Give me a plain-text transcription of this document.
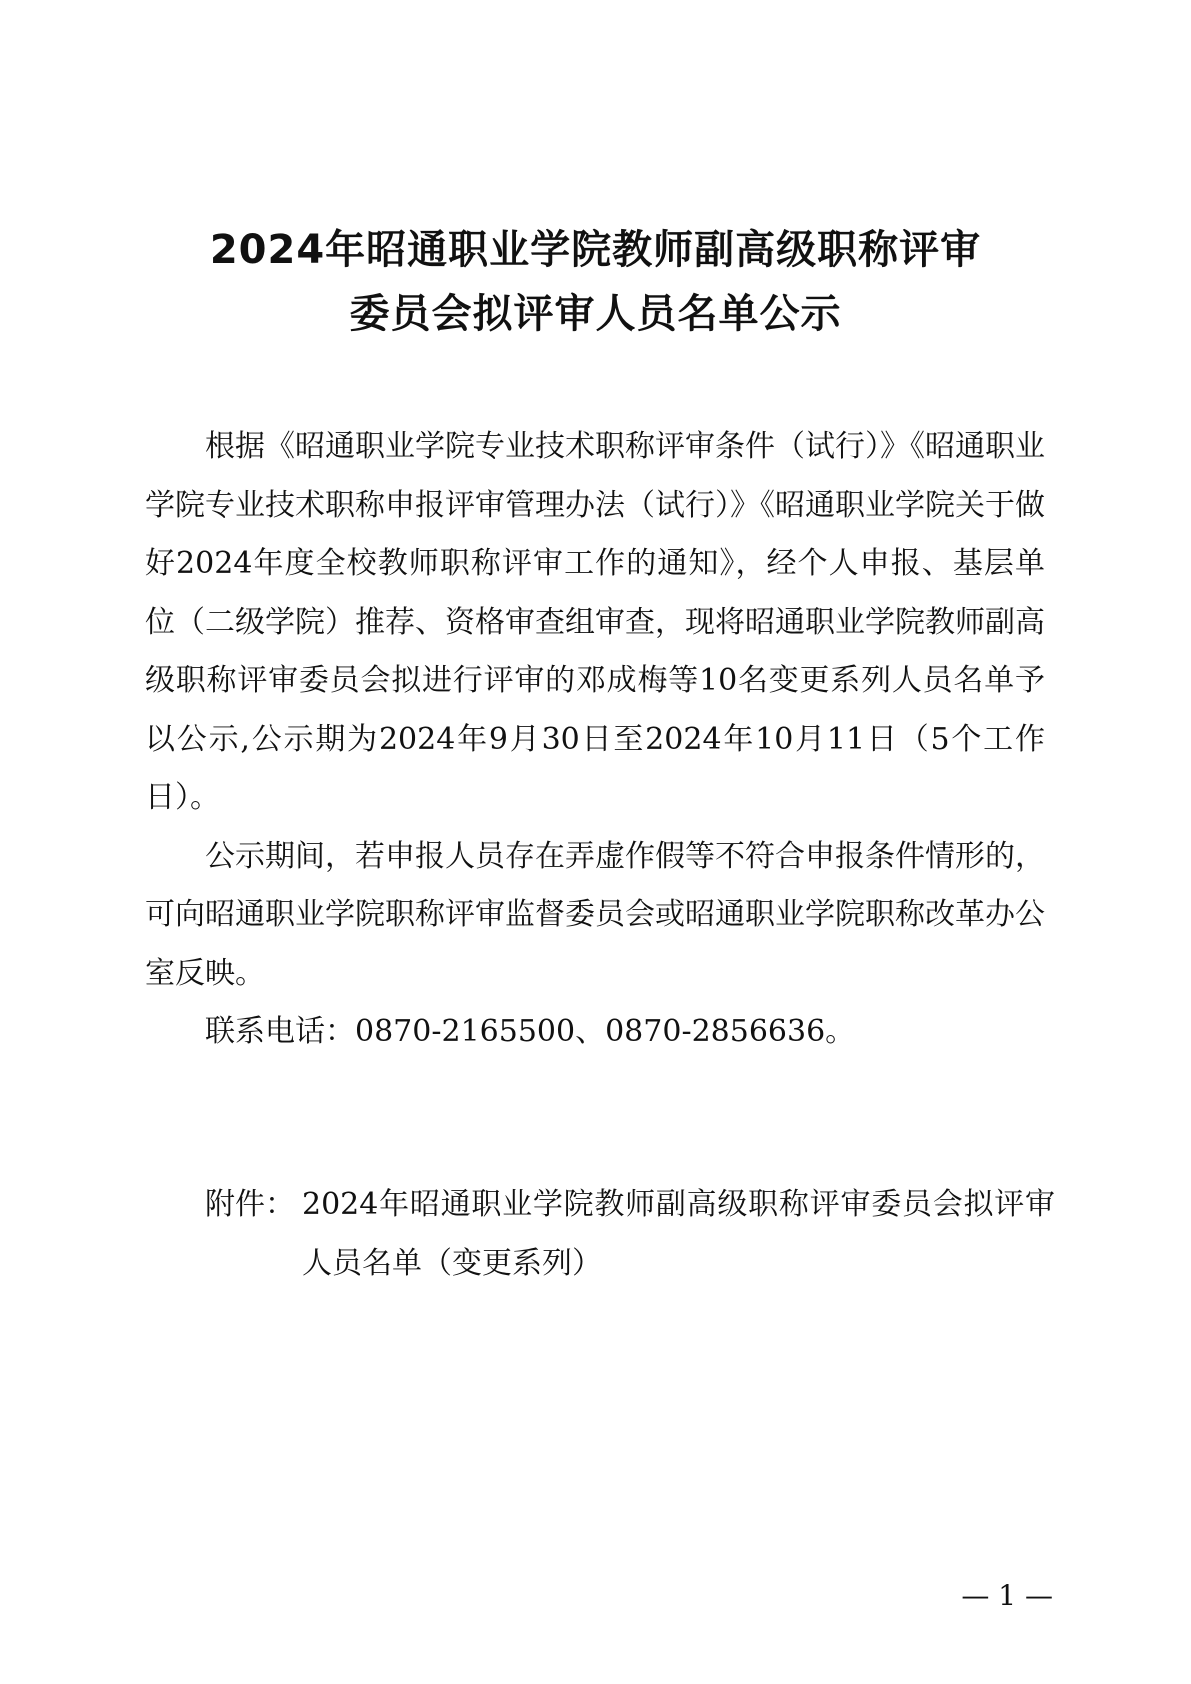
2024年昭通职业学院教师副高级职称评审
委员会拟评审人员名单公示

根据《昭通职业学院专业技术职称评审条件（试行）》《昭通职业学院专业技术职称申报评审管理办法（试行）》《昭通职业学院关于做好2024年度全校教师职称评审工作的通知》，经个人申报、基层单位（二级学院）推荐、资格审查组审查，现将昭通职业学院教师副高级职称评审委员会拟进行评审的邓成梅等10名变更系列人员名单予以公示,公示期为2024年9月30日至2024年10月11日（5个工作日）。

公示期间，若申报人员存在弄虚作假等不符合申报条件情形的，可向昭通职业学院职称评审监督委员会或昭通职业学院职称改革办公室反映。

联系电话：0870-2165500、0870-2856636。

附件： 2024年昭通职业学院教师副高级职称评审委员会拟评审人员名单（变更系列）
— 1 —
